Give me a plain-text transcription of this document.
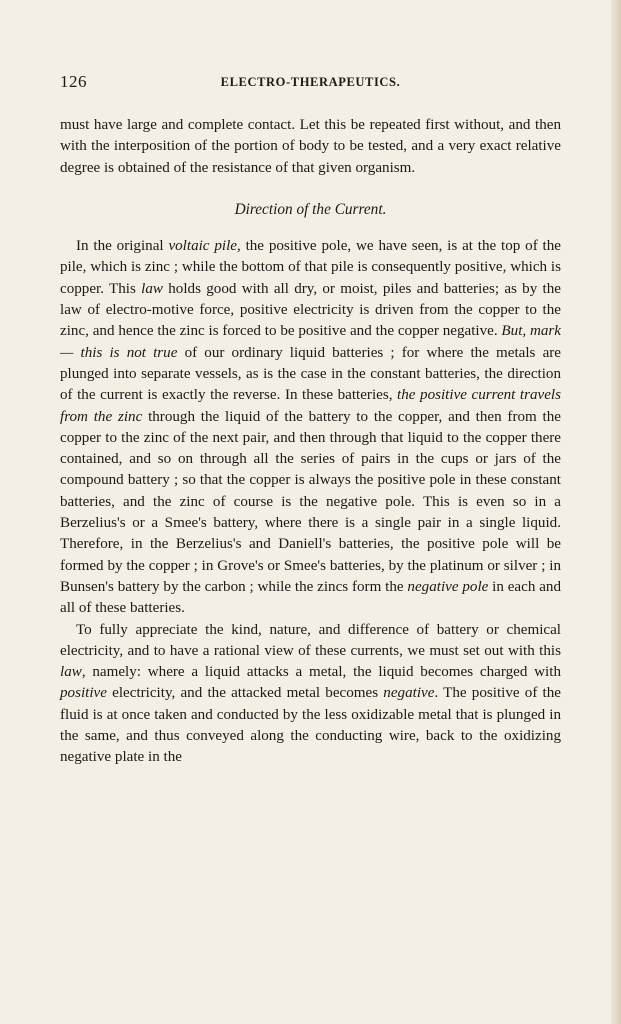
126	ELECTRO-THERAPEUTICS.

must have large and complete contact. Let this be repeated first without, and then with the interposition of the portion of body to be tested, and a very exact relative degree is obtained of the resistance of that given organism.

Direction of the Current.

In the original voltaic pile, the positive pole, we have seen, is at the top of the pile, which is zinc ; while the bottom of that pile is consequently positive, which is copper. This law holds good with all dry, or moist, piles and batteries; as by the law of electro-motive force, positive electricity is driven from the copper to the zinc, and hence the zinc is forced to be positive and the copper negative. But, mark — this is not true of our ordinary liquid batteries ; for where the metals are plunged into separate vessels, as is the case in the constant batteries, the direction of the current is exactly the reverse. In these batteries, the positive current travels from the zinc through the liquid of the battery to the copper, and then from the copper to the zinc of the next pair, and then through that liquid to the copper there contained, and so on through all the series of pairs in the cups or jars of the compound battery ; so that the copper is always the positive pole in these constant batteries, and the zinc of course is the negative pole. This is even so in a Berzelius's or a Smee's battery, where there is a single pair in a single liquid. Therefore, in the Berzelius's and Daniell's batteries, the positive pole will be formed by the copper ; in Grove's or Smee's batteries, by the platinum or silver ; in Bunsen's battery by the carbon ; while the zincs form the negative pole in each and all of these batteries.

To fully appreciate the kind, nature, and difference of battery or chemical electricity, and to have a rational view of these currents, we must set out with this law, namely: where a liquid attacks a metal, the liquid becomes charged with positive electricity, and the attacked metal becomes negative. The positive of the fluid is at once taken and conducted by the less oxidizable metal that is plunged in the same, and thus conveyed along the conducting wire, back to the oxidizing negative plate in the
